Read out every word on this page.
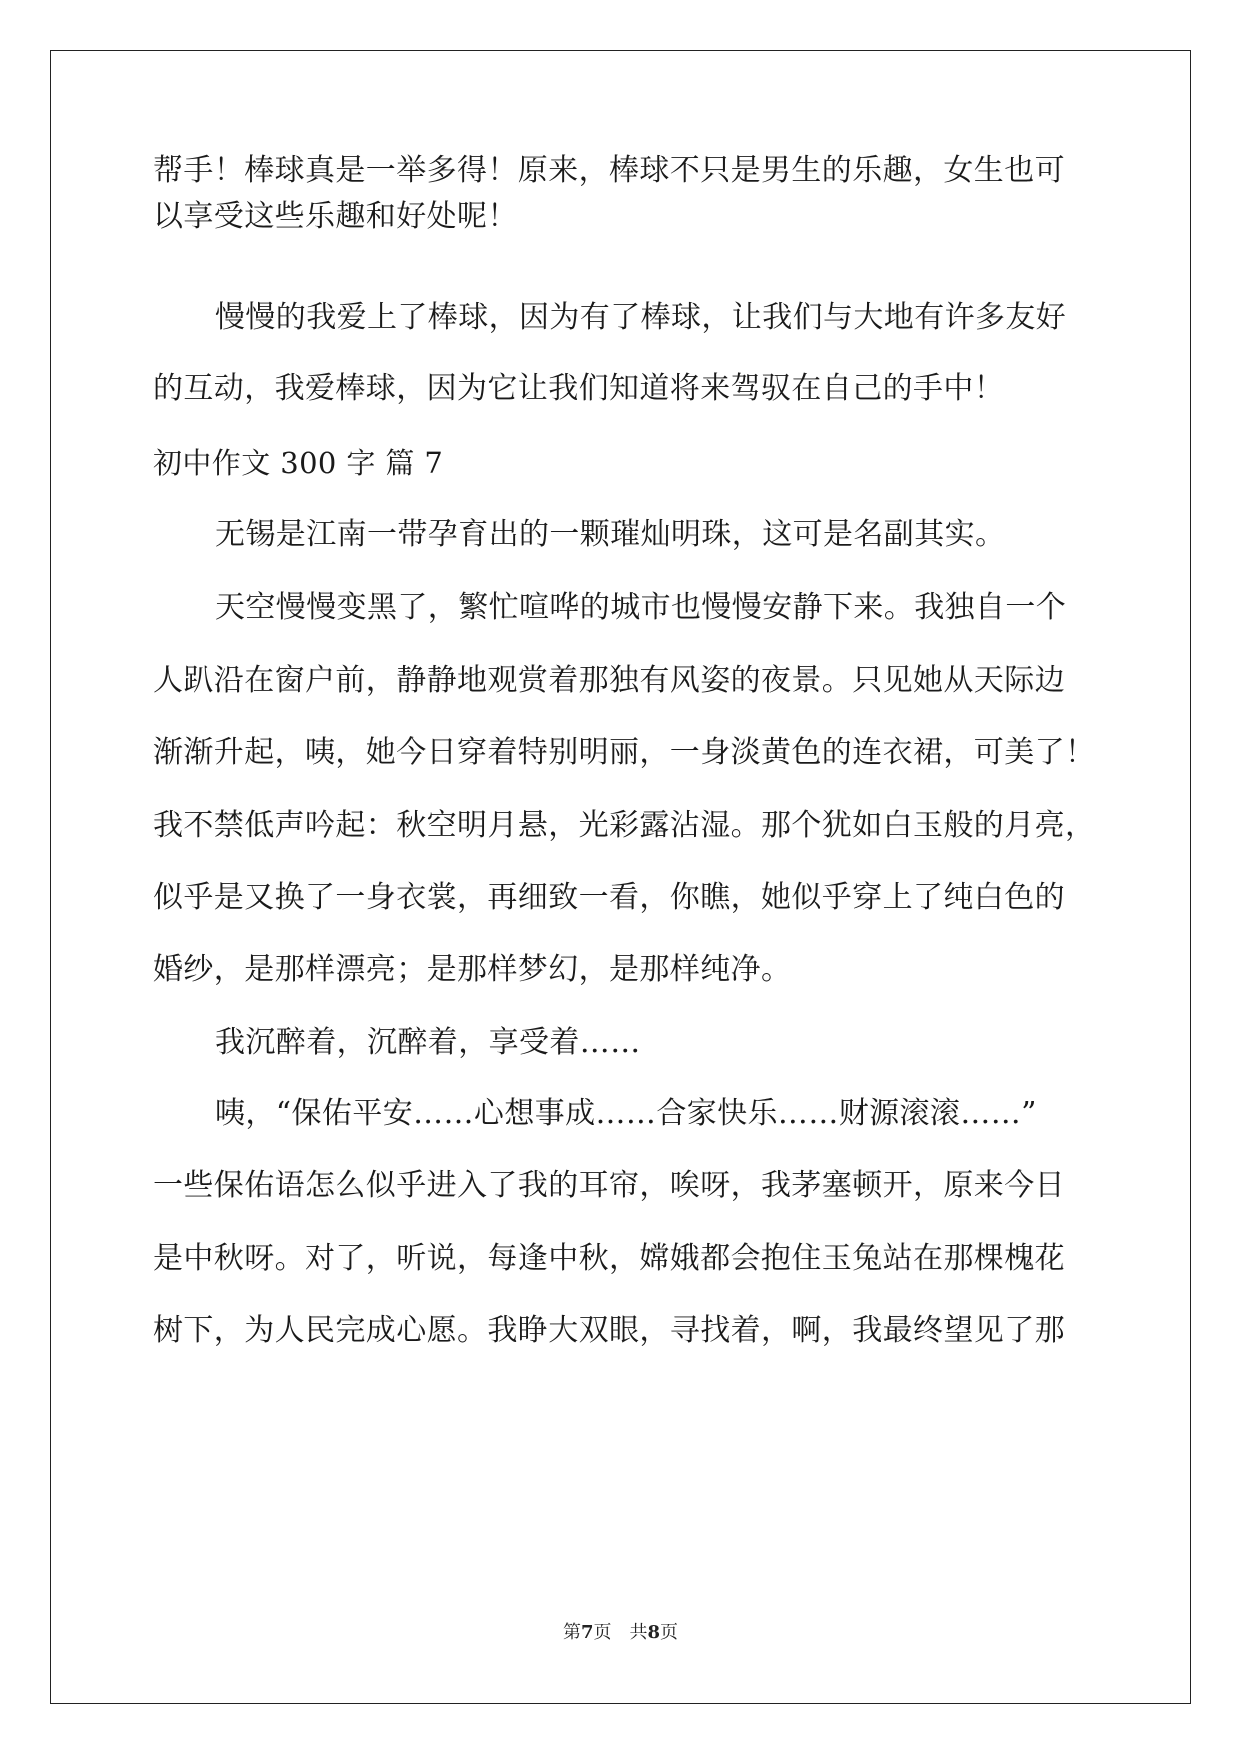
帮手！棒球真是一举多得！原来，棒球不只是男生的乐趣，女生也可
以享受这些乐趣和好处呢！
慢慢的我爱上了棒球，因为有了棒球，让我们与大地有许多友好
的互动，我爱棒球，因为它让我们知道将来驾驭在自己的手中！
初中作文 300 字 篇 7
无锡是江南一带孕育出的一颗璀灿明珠，这可是名副其实。
天空慢慢变黑了，繁忙喧哗的城市也慢慢安静下来。我独自一个
人趴沿在窗户前，静静地观赏着那独有风姿的夜景。只见她从天际边
渐渐升起，咦，她今日穿着特别明丽，一身淡黄色的连衣裙，可美了！
我不禁低声吟起：秋空明月悬，光彩露沾湿。那个犹如白玉般的月亮，
似乎是又换了一身衣裳，再细致一看，你瞧，她似乎穿上了纯白色的
婚纱，是那样漂亮；是那样梦幻，是那样纯净。
我沉醉着，沉醉着，享受着……
咦，“保佑平安……心想事成……合家快乐……财源滚滚……”
一些保佑语怎么似乎进入了我的耳帘，唉呀，我茅塞顿开，原来今日
是中秋呀。对了，听说，每逢中秋，嫦娥都会抱住玉兔站在那棵槐花
树下，为人民完成心愿。我睁大双眼，寻找着，啊，我最终望见了那
第7页 共8页
